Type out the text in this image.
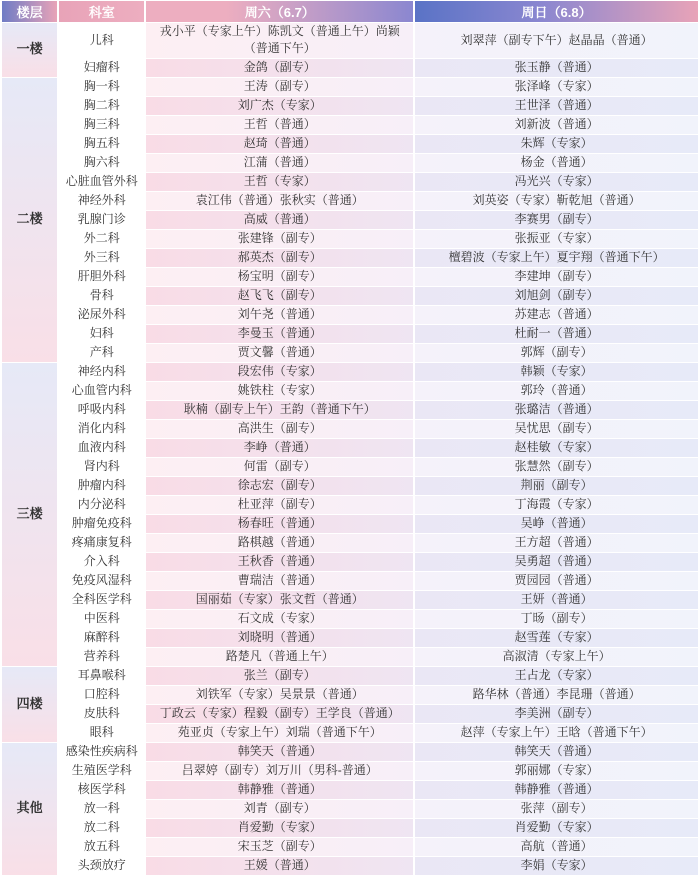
楼层	科室	周六（6.7）	周日（6.8）
一楼	儿科	戎小平（专家上午）陈凯文（普通上午）尚颖（普通下午）	刘翠萍（副专下午）赵晶晶（普通）
	妇瘤科	金鸽（副专）	张玉静（普通）
二楼	胸一科	王涛（副专）	张泽峰（专家）
	胸二科	刘广杰（专家）	王世泽（普通）
	胸三科	王哲（普通）	刘新波（普通）
	胸五科	赵琦（普通）	朱辉（专家）
	胸六科	江蒲（普通）	杨金（普通）
	心脏血管外科	王哲（专家）	冯光兴（专家）
	神经外科	袁江伟（普通）张秋实（普通）	刘英姿（专家）靳乾旭（普通）
	乳腺门诊	高威（普通）	李赛男（副专）
	外二科	张建锋（副专）	张振亚（专家）
	外三科	郝英杰（副专）	檀碧波（专家上午）夏宇翔（普通下午）
	肝胆外科	杨宝明（副专）	李建坤（副专）
	骨科	赵飞飞（副专）	刘旭剑（副专）
	泌尿外科	刘午尧（普通）	苏建志（普通）
	妇科	李曼玉（普通）	杜耐一（普通）
	产科	贾文馨（普通）	郭辉（副专）
三楼	神经内科	段宏伟（专家）	韩颖（专家）
	心血管内科	姚铁柱（专家）	郭玲（普通）
	呼吸内科	耿楠（副专上午）王韵（普通下午）	张璐洁（普通）
	消化内科	高洪生（副专）	吴忧思（副专）
	血液内科	李峥（普通）	赵桂敏（专家）
	肾内科	何雷（副专）	张慧然（副专）
	肿瘤内科	徐志宏（副专）	荆丽（副专）
	内分泌科	杜亚萍（副专）	丁海霞（专家）
	肿瘤免疫科	杨春旺（普通）	吴峥（普通）
	疼痛康复科	路棋越（普通）	王方超（普通）
	介入科	王秋香（普通）	吴勇超（普通）
	免疫风湿科	曹瑞洁（普通）	贾园园（普通）
	全科医学科	国丽茹（专家）张文哲（普通）	王妍（普通）
	中医科	石文成（专家）	丁旸（副专）
	麻醉科	刘晓明（普通）	赵雪莲（专家）
	营养科	路楚凡（普通上午）	高淑清（专家上午）
四楼	耳鼻喉科	张兰（副专）	王占龙（专家）
	口腔科	刘铁军（专家）吴景景（普通）	路华林（普通）李昆珊（普通）
	皮肤科	丁政云（专家）程毅（副专）王学良（普通）	李美洲（副专）
	眼科	苑亚贞（专家上午）刘瑞（普通下午）	赵萍（专家上午）王晗（普通下午）
其他	感染性疾病科	韩笑天（普通）	韩笑天（普通）
	生殖医学科	吕翠婷（副专）刘万川（男科-普通）	郭丽娜（专家）
	核医学科	韩静雅（普通）	韩静雅（普通）
	放一科	刘青（副专）	张萍（副专）
	放二科	肖爱勤（专家）	肖爱勤（专家）
	放五科	宋玉芝（副专）	高航（普通）
	头颈放疗	王媛（普通）	李娟（专家）
